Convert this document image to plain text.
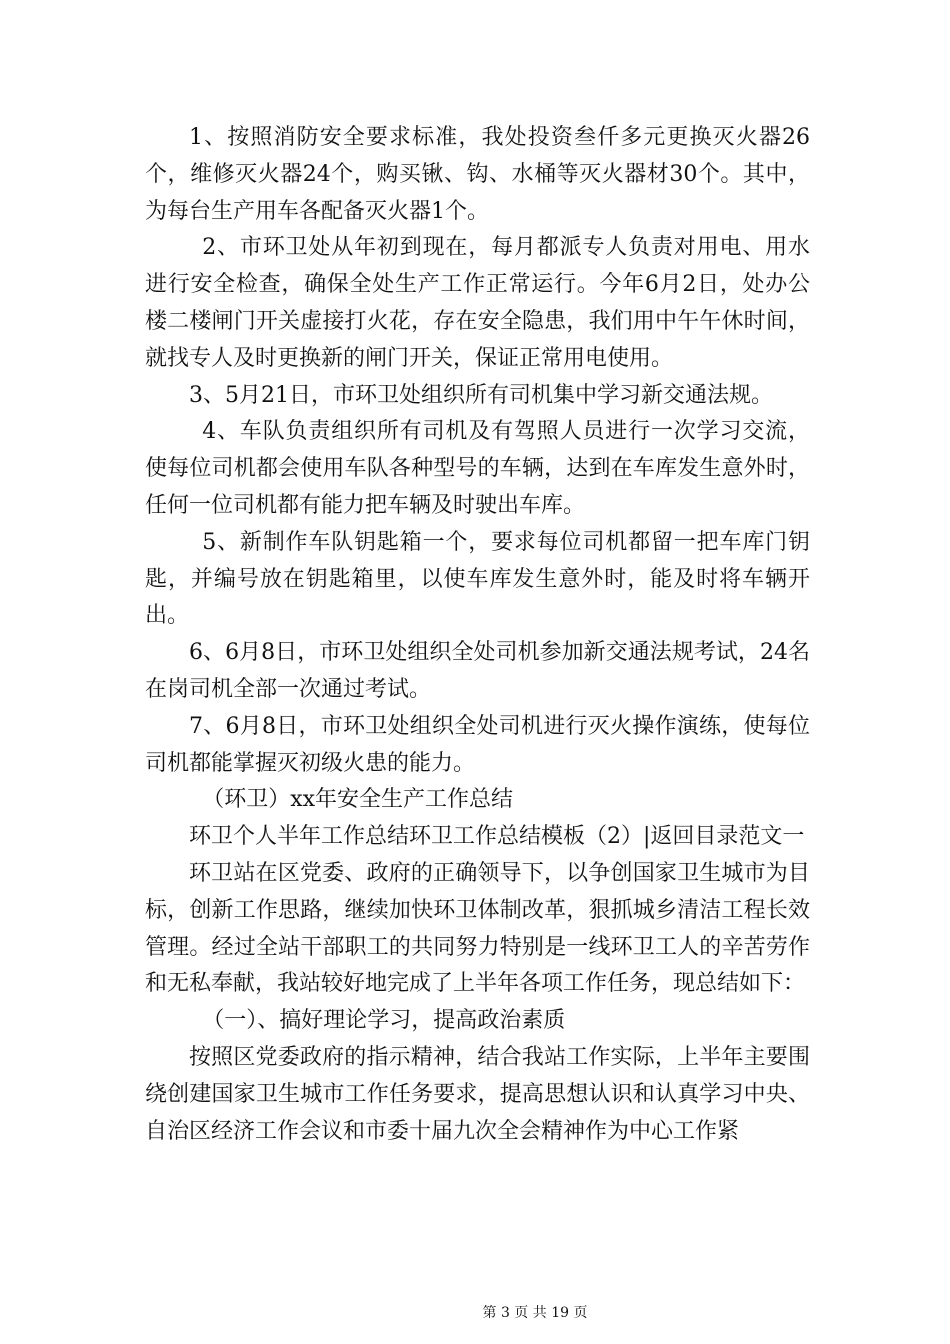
1、按照消防安全要求标准，我处投资叁仟多元更换灭火器26个，维修灭火器24个，购买锹、钩、水桶等灭火器材30个。其中，为每台生产用车各配备灭火器1个。

2、市环卫处从年初到现在，每月都派专人负责对用电、用水进行安全检查，确保全处生产工作正常运行。今年6月2日，处办公楼二楼闸门开关虚接打火花，存在安全隐患，我们用中午午休时间，就找专人及时更换新的闸门开关，保证正常用电使用。

3、5月21日，市环卫处组织所有司机集中学习新交通法规。

4、车队负责组织所有司机及有驾照人员进行一次学习交流，使每位司机都会使用车队各种型号的车辆，达到在车库发生意外时，任何一位司机都有能力把车辆及时驶出车库。

5、新制作车队钥匙箱一个，要求每位司机都留一把车库门钥匙，并编号放在钥匙箱里，以使车库发生意外时，能及时将车辆开出。

6、6月8日，市环卫处组织全处司机参加新交通法规考试，24名在岗司机全部一次通过考试。

7、6月8日，市环卫处组织全处司机进行灭火操作演练，使每位司机都能掌握灭初级火患的能力。

（环卫）xx年安全生产工作总结

环卫个人半年工作总结环卫工作总结模板（2）|返回目录范文一

环卫站在区党委、政府的正确领导下，以争创国家卫生城市为目标，创新工作思路，继续加快环卫体制改革，狠抓城乡清洁工程长效管理。经过全站干部职工的共同努力特别是一线环卫工人的辛苦劳作和无私奉献，我站较好地完成了上半年各项工作任务，现总结如下：

（一）、搞好理论学习，提高政治素质

按照区党委政府的指示精神，结合我站工作实际，上半年主要围绕创建国家卫生城市工作任务要求，提高思想认识和认真学习中央、自治区经济工作会议和市委十届九次全会精神作为中心工作紧

第 3 页 共 19 页
